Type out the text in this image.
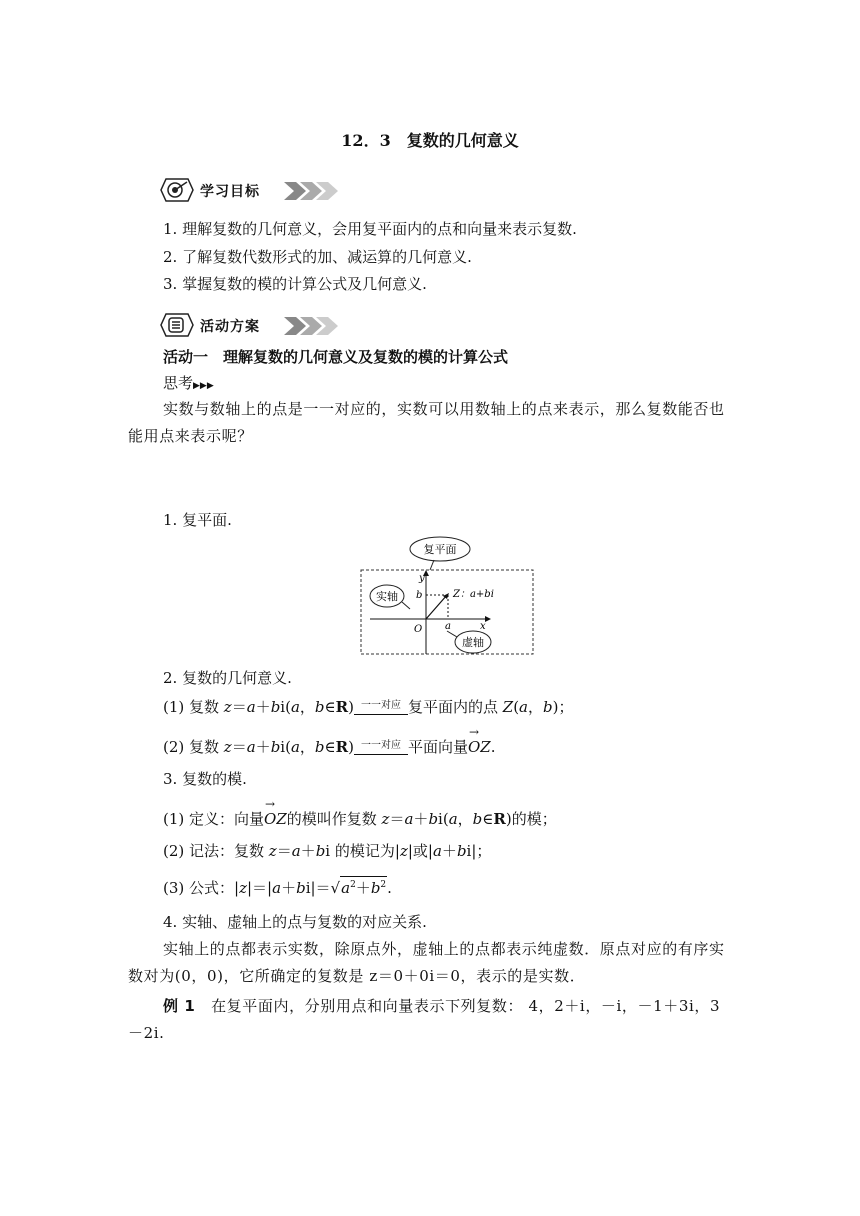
12．3　复数的几何意义
学习目标
1. 理解复数的几何意义，会用复平面内的点和向量来表示复数.
2. 了解复数代数形式的加、减运算的几何意义.
3. 掌握复数的模的计算公式及几何意义.
活动方案
活动一　理解复数的几何意义及复数的模的计算公式
思考▶▶▶
实数与数轴上的点是一一对应的，实数可以用数轴上的点来表示，那么复数能否也能用点来表示呢？
1. 复平面.
复平面
y
x
O a
b	Z：a+bi
实轴
虚轴
2. 复数的几何意义.
(1) 复数 z＝a＋bi(a，b∈R) 一一对应 复平面内的点 Z(a，b)；
(2) 复数 z＝a＋bi(a，b∈R) 一一对应 平面向量→ OZ.
3. 复数的模.
(1) 定义：向量→ OZ的模叫作复数 z＝a＋bi(a，b∈R)的模；
(2) 记法：复数 z＝a＋bi 的模记为|z|或|a＋bi|；
(3) 公式：$|z|=|a+bi|=√a^2+b^2$.
4. 实轴、虚轴上的点与复数的对应关系.
实轴上的点都表示实数，除原点外，虚轴上的点都表示纯虚数．原点对应的有序实数对为(0，0)，它所确定的复数是 z＝0＋0i＝0，表示的是实数．
例 1　 在复平面内，分别用点和向量表示下列复数： 4，2＋i，－i，－1＋3i，3－2i.
